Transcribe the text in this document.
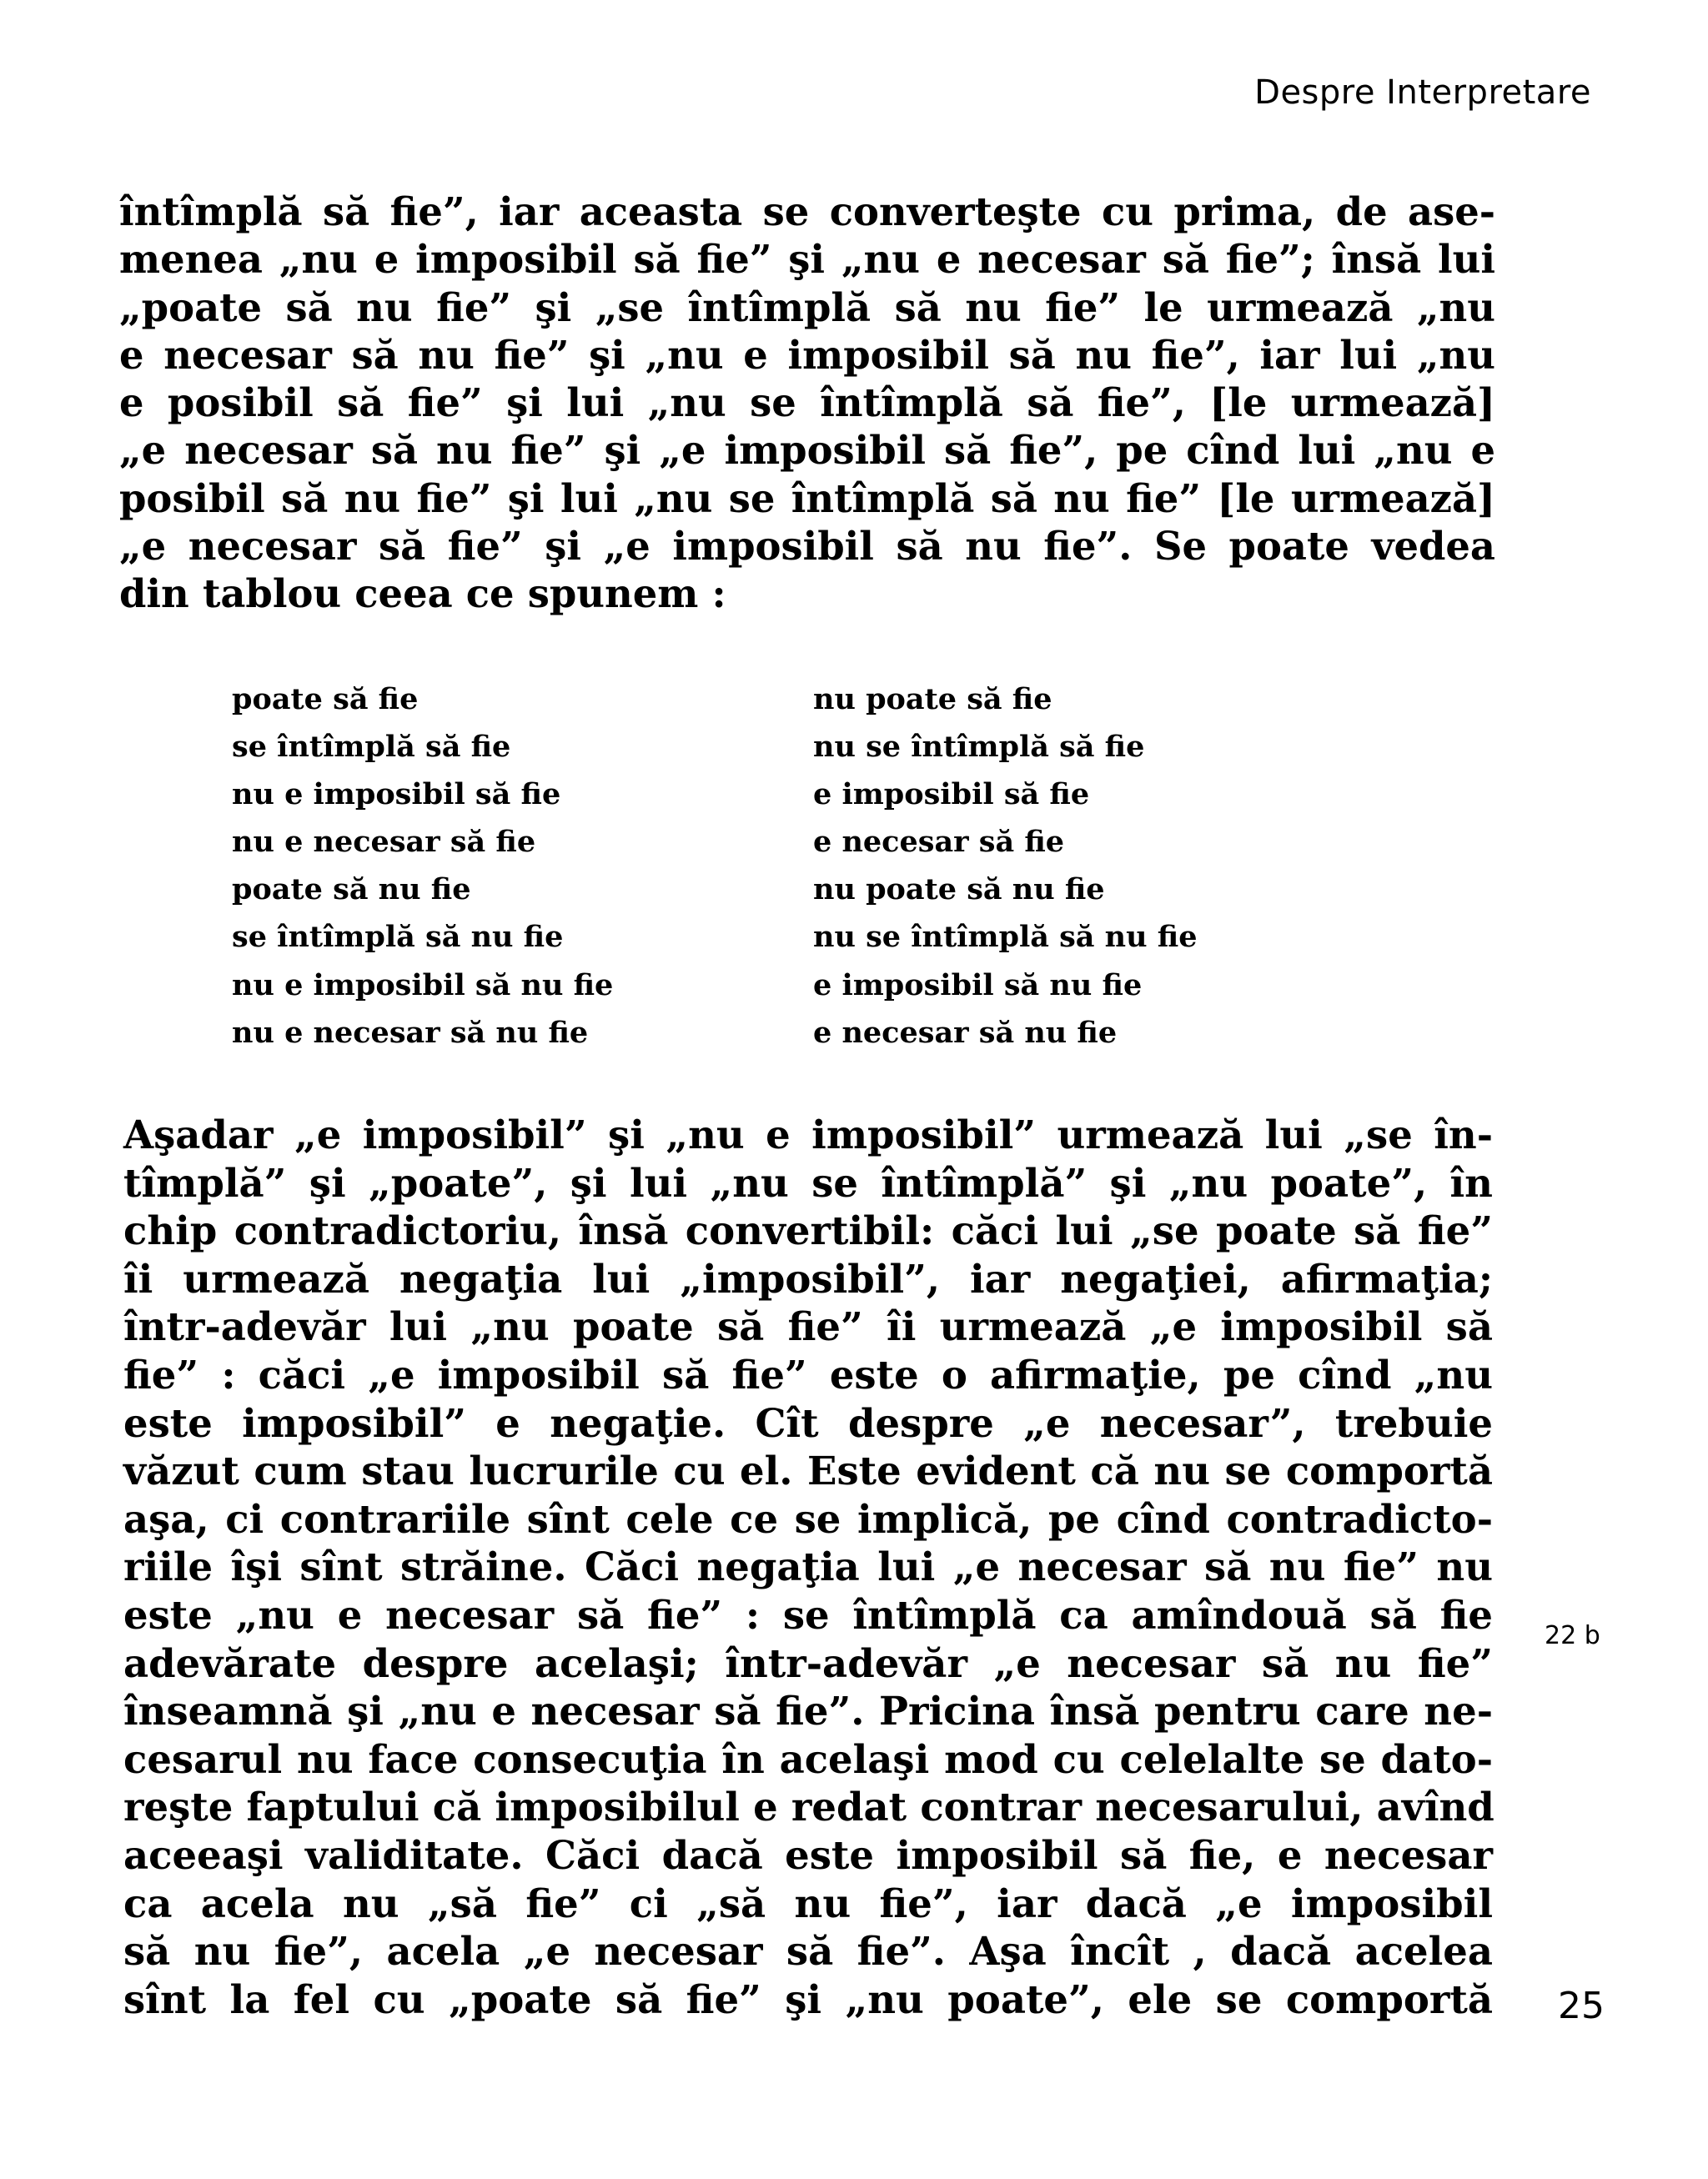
Despre Interpretare
întîmplă să fie”, iar aceasta se converteşte cu prima, de ase-
menea „nu e imposibil să fie” şi „nu e necesar să fie”; însă lui
„poate să nu fie” şi „se întîmplă să nu fie” le urmează „nu
e necesar să nu fie” şi „nu e imposibil să nu fie”, iar lui „nu
e posibil să fie” şi lui „nu se întîmplă să fie”, [le urmează]
„e necesar să nu fie” şi „e imposibil să fie”, pe cînd lui „nu e
posibil să nu fie” şi lui „nu se întîmplă să nu fie” [le urmează]
„e necesar să fie” şi „e imposibil să nu fie”. Se poate vedea
din tablou ceea ce spunem :
poate să fie	nu poate să fie
se întîmplă să fie	nu se întîmplă să fie
nu e imposibil să fie	e imposibil să fie
nu e necesar să fie	e necesar să fie
poate să nu fie	nu poate să nu fie
se întîmplă să nu fie	nu se întîmplă să nu fie
nu e imposibil să nu fie	e imposibil să nu fie
nu e necesar să nu fie	e necesar să nu fie
Aşadar „e imposibil” şi „nu e imposibil” urmează lui „se în-
tîmplă” şi „poate”, şi lui „nu se întîmplă” şi „nu poate”, în
chip contradictoriu, însă convertibil: căci lui „se poate să fie”
îi urmează negaţia lui „imposibil”, iar negaţiei, afirmaţia;
într-adevăr lui „nu poate să fie” îi urmează „e imposibil să
fie” : căci „e imposibil să fie” este o afirmaţie, pe cînd „nu
este imposibil” e negaţie. Cît despre „e necesar”, trebuie
văzut cum stau lucrurile cu el. Este evident că nu se comportă
aşa, ci contrariile sînt cele ce se implică, pe cînd contradicto-
riile îşi sînt străine. Căci negaţia lui „e necesar să nu fie” nu
este „nu e necesar să fie” : se întîmplă ca amîndouă să fie
adevărate despre acelaşi; într-adevăr „e necesar să nu fie”
înseamnă şi „nu e necesar să fie”. Pricina însă pentru care ne-
cesarul nu face consecuţia în acelaşi mod cu celelalte se dato-
reşte faptului că imposibilul e redat contrar necesarului, avînd
aceeaşi validitate. Căci dacă este imposibil să fie, e necesar
ca acela nu „să fie” ci „să nu fie”, iar dacă „e imposibil
să nu fie”, acela „e necesar să fie”. Aşa încît , dacă acelea
sînt la fel cu „poate să fie” şi „nu poate”, ele se comportă
22 b
25
